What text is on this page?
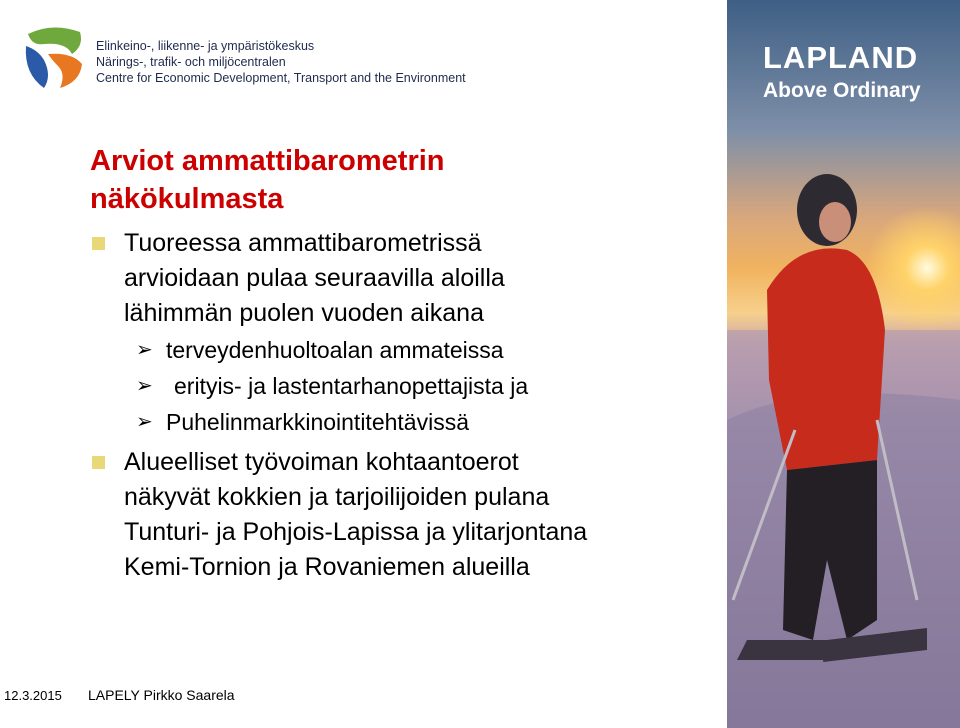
Elinkeino-, liikenne- ja ympäristökeskus
Närings-, trafik- och miljöcentralen
Centre for Economic Development, Transport and the Environment
LAPLAND
Above Ordinary
Arviot ammattibarometrin
näkökulmasta
Tuoreessa ammattibarometrissä
arvioidaan pulaa seuraavilla aloilla
lähimmän puolen vuoden aikana
➢ terveydenhuoltoalan ammateissa
➢ erityis- ja lastentarhanopettajista ja
➢ Puhelinmarkkinointitehtävissä
Alueelliset työvoiman kohtaantoerot
näkyvät kokkien ja tarjoilijoiden pulana
Tunturi- ja Pohjois-Lapissa ja ylitarjontana
Kemi-Tornion ja Rovaniemen alueilla
12.3.2015 LAPELY Pirkko Saarela
